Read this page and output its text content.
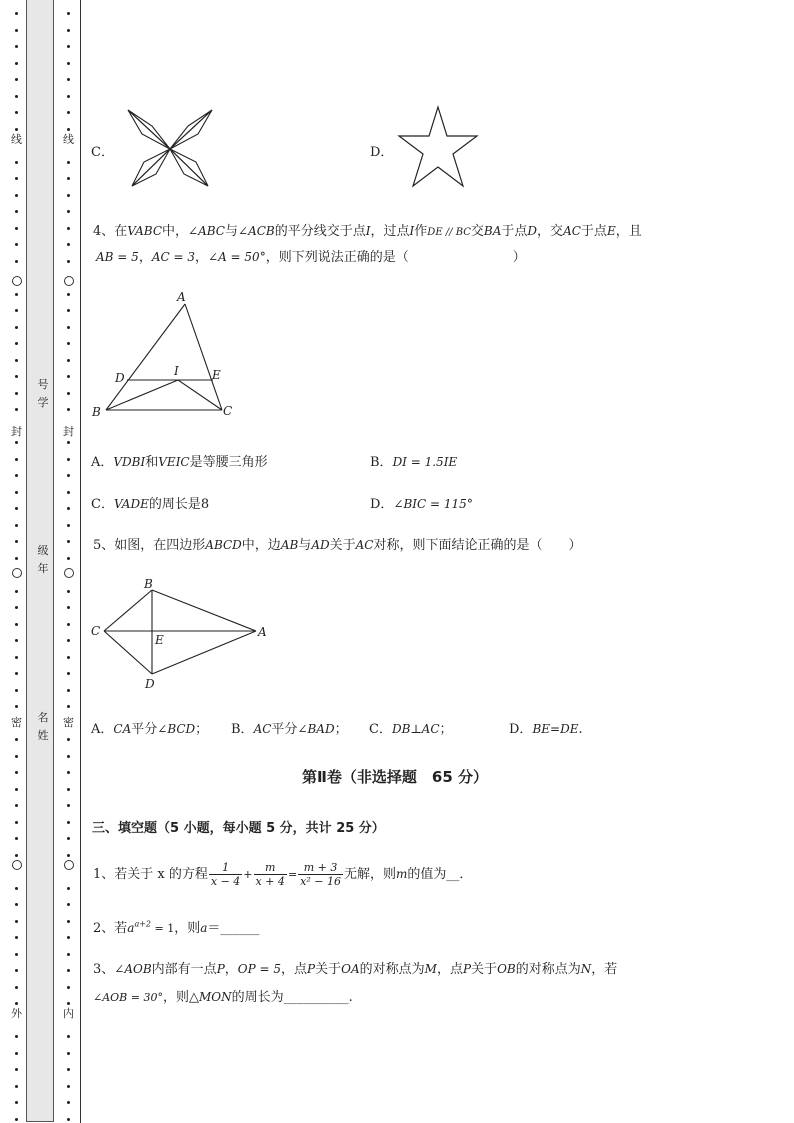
线
封
密
外
线
封
密
内
号学
级年
名姓
C．	D．
4、在VABC中，∠ABC与∠ACB的平分线交于点I，过点I作DE // BC交BA于点D，交AC于点E，且
AB = 5，AC = 3，∠A = 50°，则下列说法正确的是（　　　　　　　　）
A
D	I	E
B	C
A．VDBI和VEIC是等腰三角形	B．DI = 1.5IE
C．VADE的周长是8	D．∠BIC = 115°
5、如图，在四边形ABCD中，边AB与AD关于AC对称，则下面结论正确的是（　　）
B
C
E
A
D
A．CA平分∠BCD； B．AC平分∠BAD； C．DB⊥AC；	D．BE=DE.
第Ⅱ卷（非选择题　65 分）
三、填空题（5 小题，每小题 5 分，共计 25 分）
1、若关于 x 的方程 $\frac{1}{x - 4} + \frac{m}{x + 4} = \frac{m + 3}{\text{x² − 16}}$ 无解，则m的值为__．
2、若$a^{a+2} = 1$，则a＝______
3、∠AOB内部有一点P，OP = 5，点P关于OA的对称点为M，点P关于OB的对称点为N，若
∠AOB = 30°，则△MON的周长为__________.
